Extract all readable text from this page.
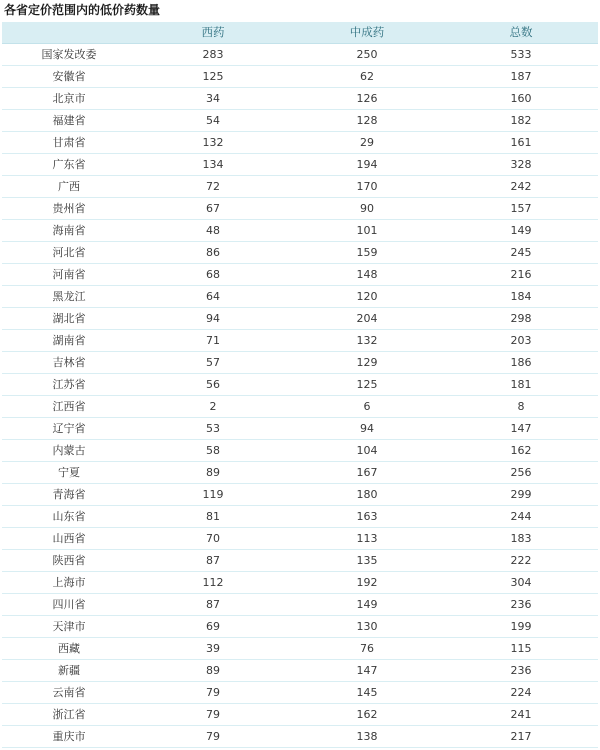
各省定价范围内的低价药数量
	西药	中成药	总数
国家发改委	283	250	533
安徽省	125	62	187
北京市	34	126	160
福建省	54	128	182
甘肃省	132	29	161
广东省	134	194	328
广西	72	170	242
贵州省	67	90	157
海南省	48	101	149
河北省	86	159	245
河南省	68	148	216
黑龙江	64	120	184
湖北省	94	204	298
湖南省	71	132	203
吉林省	57	129	186
江苏省	56	125	181
江西省	2	6	8
辽宁省	53	94	147
内蒙古	58	104	162
宁夏	89	167	256
青海省	119	180	299
山东省	81	163	244
山西省	70	113	183
陕西省	87	135	222
上海市	112	192	304
四川省	87	149	236
天津市	69	130	199
西藏	39	76	115
新疆	89	147	236
云南省	79	145	224
浙江省	79	162	241
重庆市	79	138	217
